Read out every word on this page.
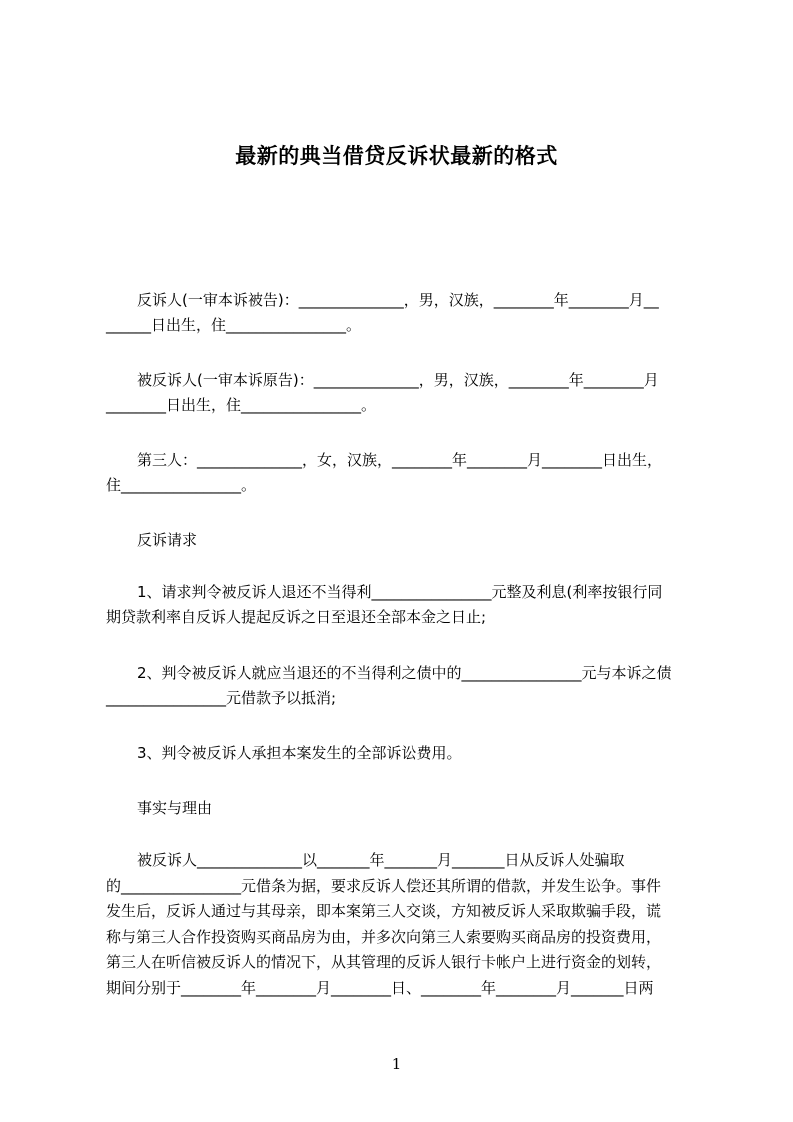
最新的典当借贷反诉状最新的格式

反诉人(一审本诉被告)：______________，男，汉族，________年________月__
______日出生，住________________。

被反诉人(一审本诉原告)：______________，男，汉族，________年________月
________日出生，住________________。

第三人：______________，女，汉族，________年________月________日出生，
住________________。

反诉请求

1、请求判令被反诉人退还不当得利________________元整及利息(利率按银行同
期贷款利率自反诉人提起反诉之日至退还全部本金之日止;

2、判令被反诉人就应当退还的不当得利之债中的________________元与本诉之债
________________元借款予以抵消;

3、判令被反诉人承担本案发生的全部诉讼费用。

事实与理由

被反诉人______________以_______年_______月_______日从反诉人处骗取
的________________元借条为据，要求反诉人偿还其所谓的借款，并发生讼争。事件
发生后，反诉人通过与其母亲，即本案第三人交谈，方知被反诉人采取欺骗手段，谎
称与第三人合作投资购买商品房为由，并多次向第三人索要购买商品房的投资费用，
第三人在听信被反诉人的情况下，从其管理的反诉人银行卡帐户上进行资金的划转，
期间分别于________年________月________日、________年________月_______日两

1
